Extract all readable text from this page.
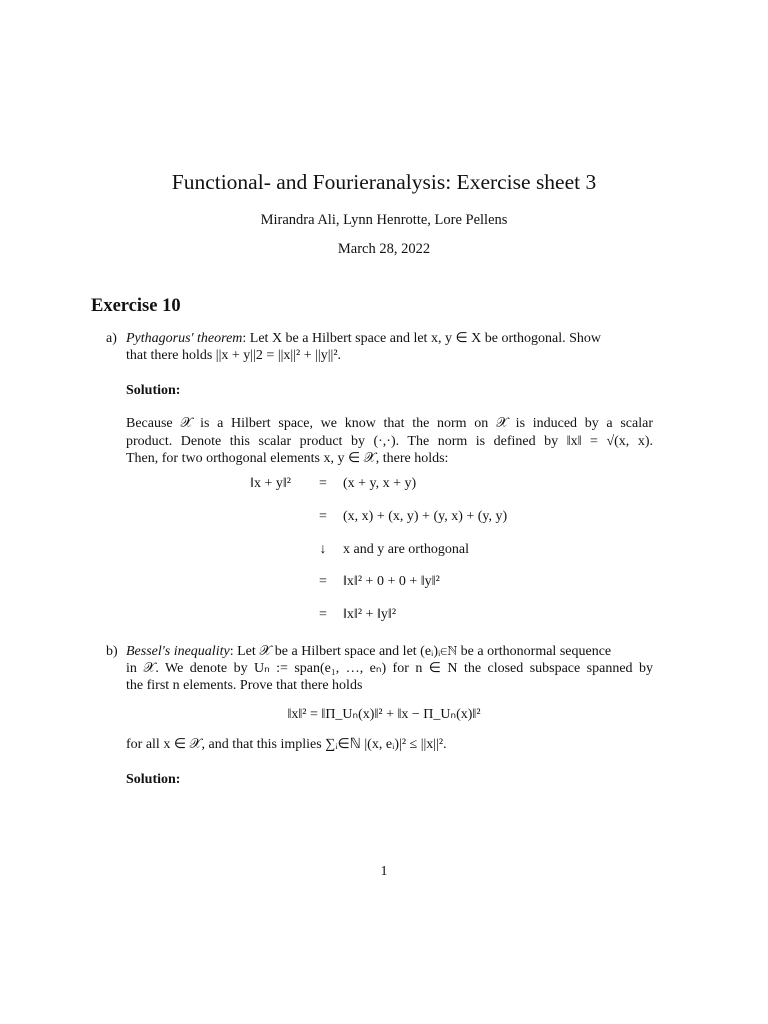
Functional- and Fourieranalysis: Exercise sheet 3
Mirandra Ali, Lynn Henrotte, Lore Pellens
March 28, 2022
Exercise 10
a) Pythagorus' theorem: Let X be a Hilbert space and let x, y ∈ X be orthogonal. Show
that there holds ||x + y||2 = ||x||² + ||y||².
Solution:
Because 𝒳 is a Hilbert space, we know that the norm on 𝒳 is induced by a scalar
product. Denote this scalar product by (·,·). The norm is defined by ‖x‖ = √(x, x).
Then, for two orthogonal elements x, y ∈ 𝒳, there holds:
‖x + y‖² = (x + y, x + y)
= (x, x) + (x, y) + (y, x) + (y, y)
↓ x and y are orthogonal
= ‖x‖² + 0 + 0 + ‖y‖²
= ‖x‖² + ‖y‖²
b) Bessel's inequality: Let 𝒳 be a Hilbert space and let (eᵢ)ᵢ∈ℕ be a orthonormal sequence
in 𝒳. We denote by Uₙ := span(e₁, …, eₙ) for n ∈ N the closed subspace spanned by
the first n elements. Prove that there holds
‖x‖² = ‖Π_Uₙ(x)‖² + ‖x − Π_Uₙ(x)‖²
for all x ∈ 𝒳, and that this implies ∑ᵢ∈ℕ |(x, eᵢ)|² ≤ ||x||².
Solution:
1
